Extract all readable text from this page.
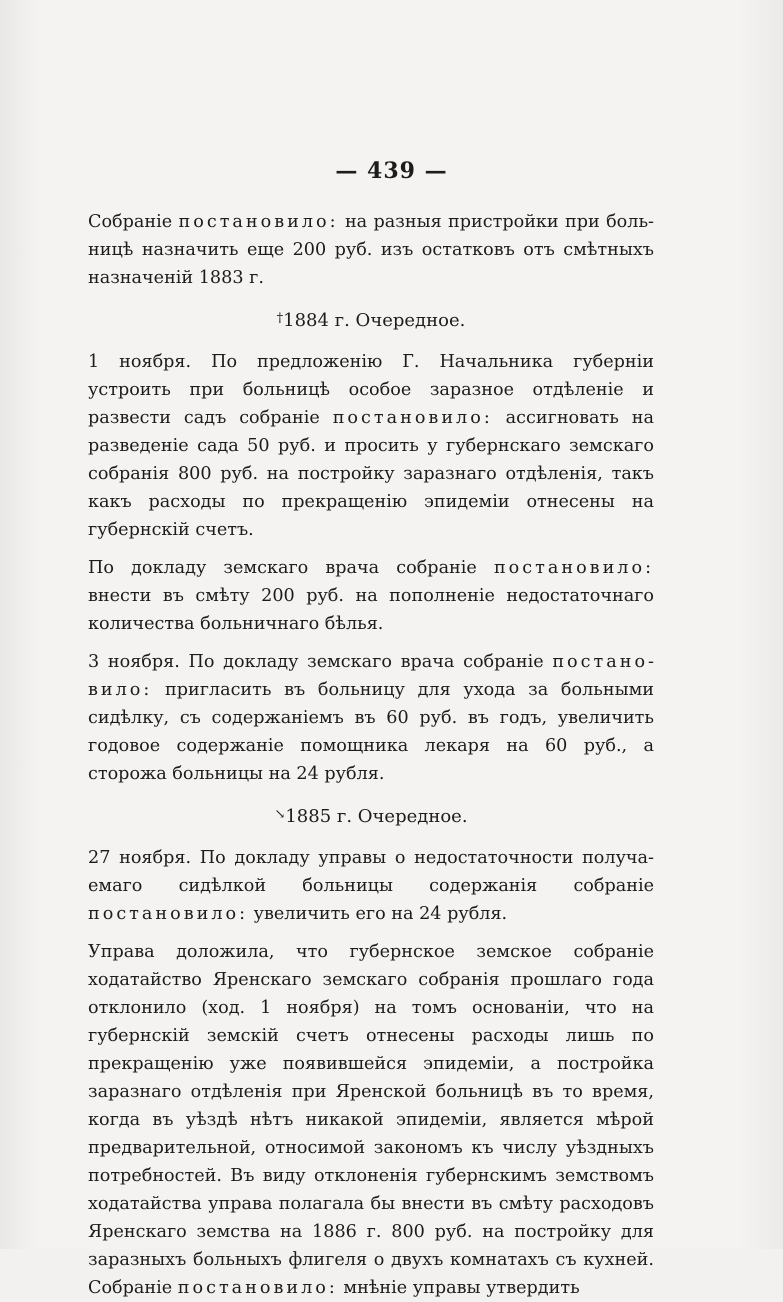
— 439 —

Собраніе постановило: на разныя пристройки при больницѣ назначить еще 200 руб. изъ остатковъ отъ смѣтныхъ назначеній 1883 г.

†1884 г. Очередное.

1 ноября. По предложенію Г. Начальника губерніи устроить при больницѣ особое заразное отдѣленіе и развести садъ собраніе постановило: ассигновать на разведеніе сада 50 руб. и просить у губернскаго земскаго собранія 800 руб. на постройку заразнаго отдѣленія, такъ какъ расходы по прекращенію эпидеміи отнесены на губернскій счетъ.

По докладу земскаго врача собраніе постановило: внести въ смѣту 200 руб. на пополненіе недостаточнаго количества больничнаго бѣлья.

3 ноября. По докладу земскаго врача собраніе постановило: пригласить въ больницу для ухода за больными сидѣлку, съ содержаніемъ въ 60 руб. въ годъ, увеличить годовое содержаніе помощника лекаря на 60 руб., а сторожа больницы на 24 рубля.

↘1885 г. Очередное.

27 ноября. По докладу управы о недостаточности получаемаго сидѣлкой больницы содержанія собраніе постановило: увеличить его на 24 рубля.

Управа доложила, что губернское земское собраніе ходатайство Яренскаго земскаго собранія прошлаго года отклонило (ход. 1 ноября) на томъ основаніи, что на губернскій земскій счетъ отнесены расходы лишь по прекращенію уже появившейся эпидеміи, а постройка заразнаго отдѣленія при Яренской больницѣ въ то время, когда въ уѣздѣ нѣтъ никакой эпидеміи, является мѣрой предварительной, относимой закономъ къ числу уѣздныхъ потребностей. Въ виду отклоненія губернскимъ земствомъ ходатайства управа полагала бы внести въ смѣту расходовъ Яренскаго земства на 1886 г. 800 руб. на постройку для заразныхъ больныхъ флигеля о двухъ комнатахъ съ кухней. Собраніе постановило: мнѣніе управы утвердить
